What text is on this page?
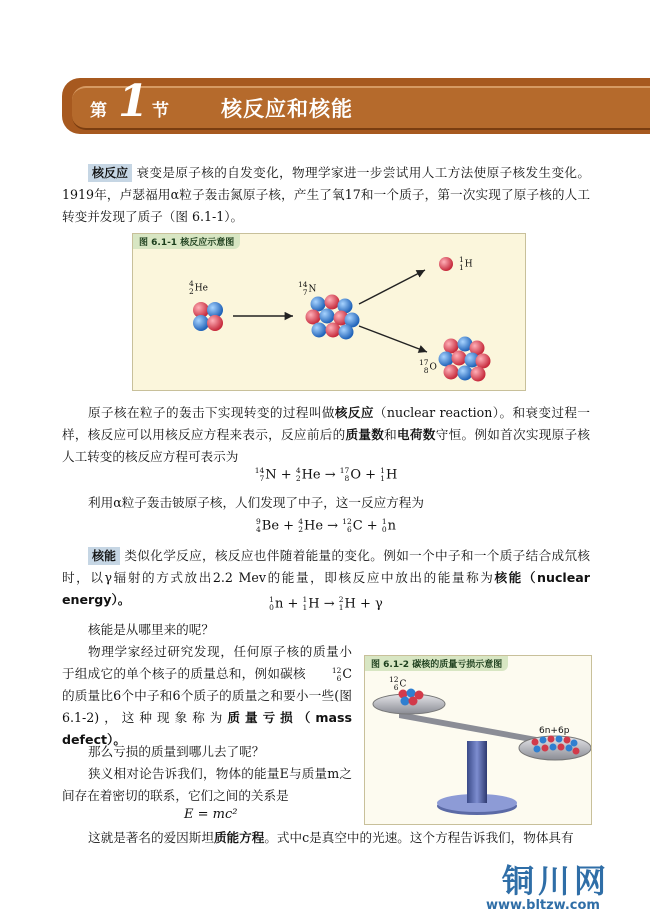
第 1 节 核反应和核能
核反应 衰变是原子核的自发变化，物理学家进一步尝试用人工方法使原子核发生变化。1919年，卢瑟福用α粒子轰击氮原子核，产生了氧17和一个质子，第一次实现了原子核的人工转变并发现了质子（图 6.1-1）。
图 6.1-1 核反应示意图
4
2 He	14
7 N
1
1 H
17
8 O
原子核在粒子的轰击下实现转变的过程叫做核反应（nuclear reaction）。和衰变过程一样，核反应可以用核反应方程来表示，反应前后的质量数和电荷数守恒。例如首次实现原子核人工转变的核反应方程可表示为
14
7 N + 4
2 He → 17
8 O + 1
1 H
利用α粒子轰击铍原子核，人们发现了中子，这一反应方程为
9
4 Be + 4
2 He → 12
6 C + 1
0 n
核能 类似化学反应，核反应也伴随着能量的变化。例如一个中子和一个质子结合成氘核时，以γ辐射的方式放出2.2 Mev的能量，即核反应中放出的能量称为核能（nuclear energy）。	1
0 n + 1
1 H → 2
1 H + γ
核能是从哪里来的呢？
物理学家经过研究发现，任何原子核的质量小于组成它的单个核子的质量总和，例如碳核	12
6 C的质量比6个中子和6个质子的质量之和要小一些(图 6.1-2)，这种现象称为质量亏损（mass defect）。
那么亏损的质量到哪儿去了呢？
狭义相对论告诉我们，物体的能量E与质量m之间存在着密切的联系，它们之间的关系是
E = mc²
这就是著名的爱因斯坦质能方程。式中c是真空中的光速。这个方程告诉我们，物体具有
图 6.1-2 碳核的质量亏损示意图
12
6 C
6n+6p
铜川网
www.bltzw.com
